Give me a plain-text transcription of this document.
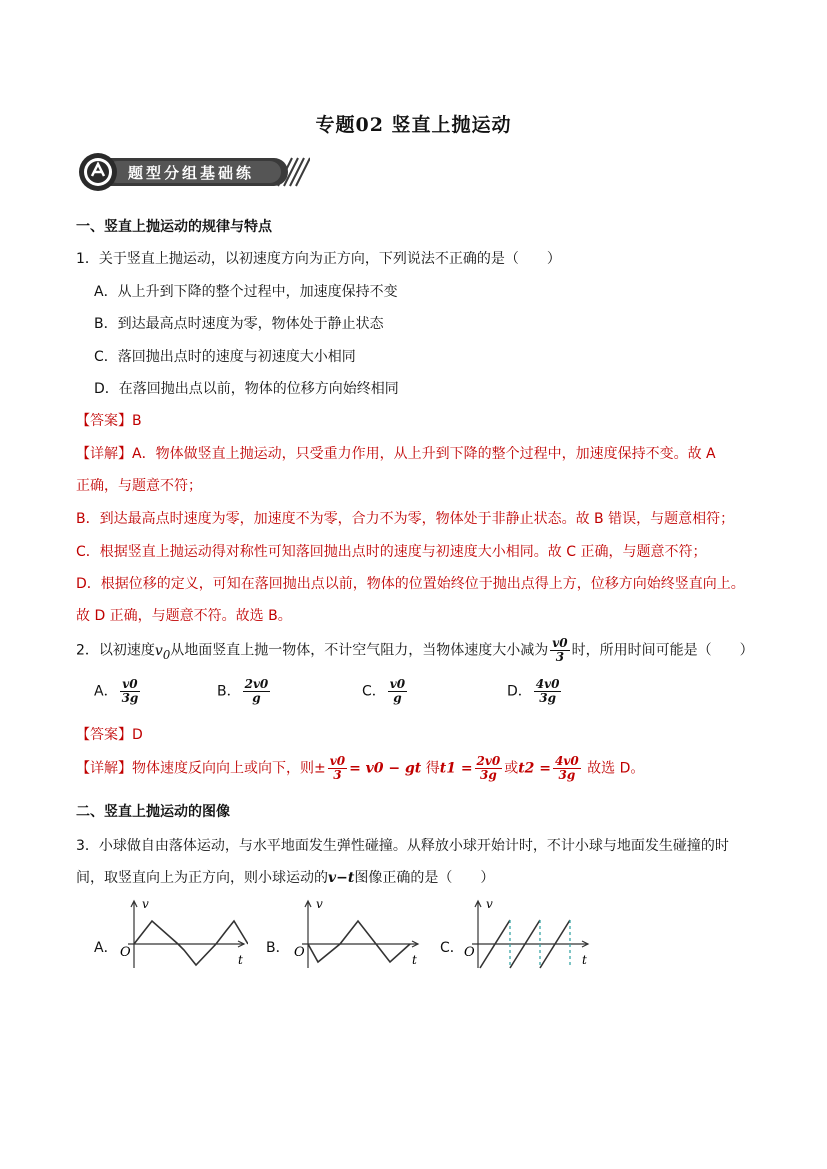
专题02 竖直上抛运动
题型分组基础练
一、竖直上抛运动的规律与特点
1．关于竖直上抛运动，以初速度方向为正方向，下列说法不正确的是（　　）
A．从上升到下降的整个过程中，加速度保持不变
B．到达最高点时速度为零，物体处于静止状态
C．落回抛出点时的速度与初速度大小相同
D．在落回抛出点以前，物体的位移方向始终相同
【答案】B
【详解】A．物体做竖直上抛运动，只受重力作用，从上升到下降的整个过程中，加速度保持不变。故 A
正确，与题意不符；
B．到达最高点时速度为零，加速度不为零，合力不为零，物体处于非静止状态。故 B 错误，与题意相符；
C．根据竖直上抛运动得对称性可知落回抛出点时的速度与初速度大小相同。故 C 正确，与题意不符；
D．根据位移的定义，可知在落回抛出点以前，物体的位置始终位于抛出点得上方，位移方向始终竖直向上。
故 D 正确，与题意不符。故选 B。
2．以初速度$v_0$从地面竖直上抛一物体，不计空气阻力，当物体速度大小减为 $\frac{v0}{3}$ 时，所用时间可能是（　　）
A． $\frac{v0}{3g}$	B． $\frac{2v0}{g}$	C． $\frac{v0}{g}$	D． $\frac{4v0}{3g}$
【答案】D
【详解】物体速度反向向上或向下，则± $\frac{v0}{3} = v0$ − gt 得$t1 = \frac{2v0}{3g}$ 或$t2 = \frac{4v0}{3g}$ 故选 D。
二、竖直上抛运动的图像
3．小球做自由落体运动，与水平地面发生弹性碰撞。从释放小球开始计时，不计小球与地面发生碰撞的时
间，取竖直向上为正方向，则小球运动的v−t图像正确的是（　　）
A．
v
O	t
B．
v
O	t
C．
v
O	t
